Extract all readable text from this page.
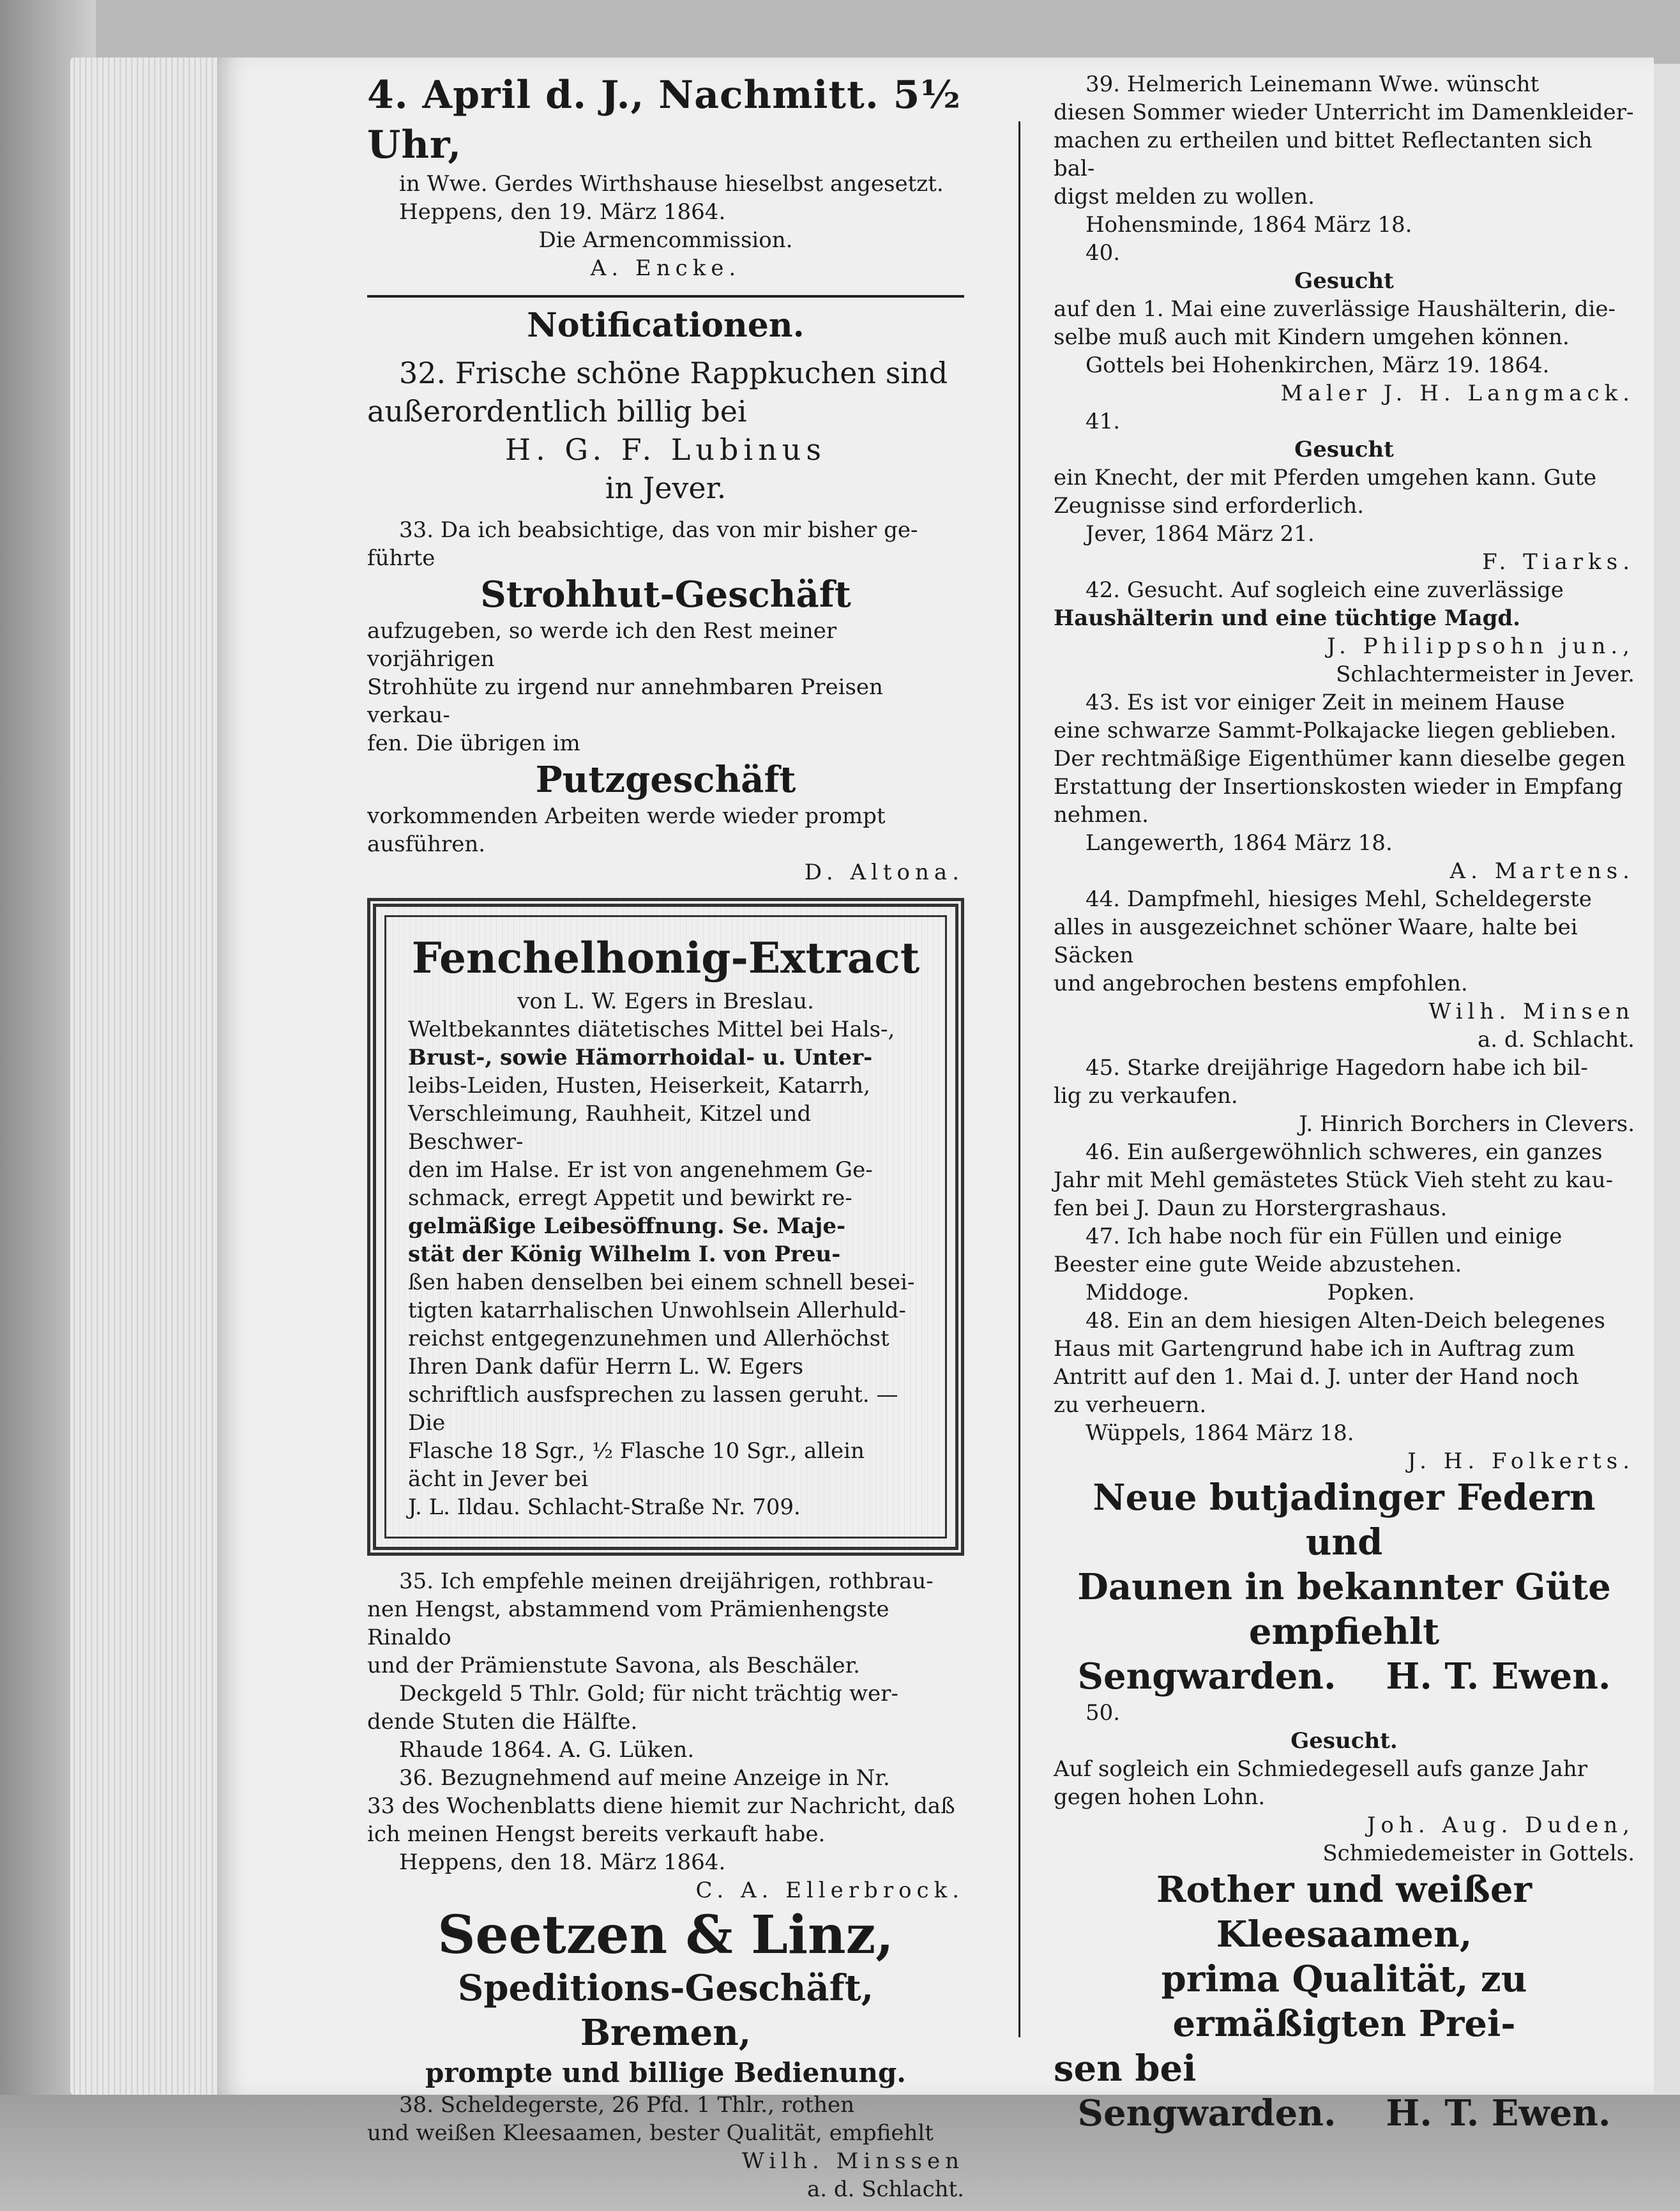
4. April d. J., Nachmitt. 5½ Uhr,

in Wwe. Gerdes Wirthshause hieselbst angesetzt.

Heppens, den 19. März 1864.

Die Armencommission.

A. Encke.

Notificationen.

32. Frische schöne Rappkuchen sind

außerordentlich billig bei

H. G. F. Lubinus

in Jever.

33. Da ich beabsichtige, das von mir bisher ge-

führte

Strohhut-Geschäft

aufzugeben, so werde ich den Rest meiner vorjährigen

Strohhüte zu irgend nur annehmbaren Preisen verkau-

fen. Die übrigen im

Putzgeschäft

vorkommenden Arbeiten werde wieder prompt ausführen.

D. Altona.

Fenchelhonig-Extract

von L. W. Egers in Breslau.

Weltbekanntes diätetisches Mittel bei Hals-,

Brust-, sowie Hämorrhoidal- u. Unter-

leibs-Leiden, Husten, Heiserkeit, Katarrh,

Verschleimung, Rauhheit, Kitzel und Beschwer-

den im Halse. Er ist von angenehmem Ge-

schmack, erregt Appetit und bewirkt re-

gelmäßige Leibesöffnung. Se. Maje-

stät der König Wilhelm I. von Preu-

ßen haben denselben bei einem schnell besei-

tigten katarrhalischen Unwohlsein Allerhuld-

reichst entgegenzunehmen und Allerhöchst

Ihren Dank dafür Herrn L. W. Egers

schriftlich ausfsprechen zu lassen geruht. — Die

Flasche 18 Sgr., ½ Flasche 10 Sgr., allein

ächt in Jever bei

J. L. Ildau. Schlacht-Straße Nr. 709.

35. Ich empfehle meinen dreijährigen, rothbrau-

nen Hengst, abstammend vom Prämienhengste Rinaldo

und der Prämienstute Savona, als Beschäler.

Deckgeld 5 Thlr. Gold; für nicht trächtig wer-

dende Stuten die Hälfte.

Rhaude 1864. A. G. Lüken.

36. Bezugnehmend auf meine Anzeige in Nr.

33 des Wochenblatts diene hiemit zur Nachricht, daß

ich meinen Hengst bereits verkauft habe.

Heppens, den 18. März 1864.

C. A. Ellerbrock.

Seetzen & Linz,

Speditions-Geschäft,

Bremen,

prompte und billige Bedienung.

38. Scheldegerste, 26 Pfd. 1 Thlr., rothen

und weißen Kleesaamen, bester Qualität, empfiehlt

Wilh. Minssen

a. d. Schlacht.

39. Helmerich Leinemann Wwe. wünscht

diesen Sommer wieder Unterricht im Damenkleider-

machen zu ertheilen und bittet Reflectanten sich bal-

digst melden zu wollen.

Hohensminde, 1864 März 18.

40.

Gesucht

auf den 1. Mai eine zuverlässige Haushälterin, die-

selbe muß auch mit Kindern umgehen können.

Gottels bei Hohenkirchen, März 19. 1864.

Maler J. H. Langmack.

41.

Gesucht

ein Knecht, der mit Pferden umgehen kann. Gute

Zeugnisse sind erforderlich.

Jever, 1864 März 21.

F. Tiarks.

42. Gesucht. Auf sogleich eine zuverlässige

Haushälterin und eine tüchtige Magd.

J. Philippsohn jun.,

Schlachtermeister in Jever.

43. Es ist vor einiger Zeit in meinem Hause

eine schwarze Sammt-Polkajacke liegen geblieben.

Der rechtmäßige Eigenthümer kann dieselbe gegen

Erstattung der Insertionskosten wieder in Empfang

nehmen.

Langewerth, 1864 März 18.

A. Martens.

44. Dampfmehl, hiesiges Mehl, Scheldegerste

alles in ausgezeichnet schöner Waare, halte bei Säcken

und angebrochen bestens empfohlen.

Wilh. Minsen

a. d. Schlacht.

45. Starke dreijährige Hagedorn habe ich bil-

lig zu verkaufen.

J. Hinrich Borchers in Clevers.

46. Ein außergewöhnlich schweres, ein ganzes

Jahr mit Mehl gemästetes Stück Vieh steht zu kau-

fen bei J. Daun zu Horstergrashaus.

47. Ich habe noch für ein Füllen und einige

Beester eine gute Weide abzustehen.

Middoge.                    Popken.

48. Ein an dem hiesigen Alten-Deich belegenes

Haus mit Gartengrund habe ich in Auftrag zum

Antritt auf den 1. Mai d. J. unter der Hand noch

zu verheuern.

Wüppels, 1864 März 18.

J. H. Folkerts.

Neue butjadinger Federn und

Daunen in bekannter Güte empfiehlt

Sengwarden.    H. T. Ewen.

50.

Gesucht.

Auf sogleich ein Schmiedegesell aufs ganze Jahr

gegen hohen Lohn.

Joh. Aug. Duden,

Schmiedemeister in Gottels.

Rother und weißer Kleesaamen,

prima Qualität, zu ermäßigten Prei-

sen bei

Sengwarden.    H. T. Ewen.
